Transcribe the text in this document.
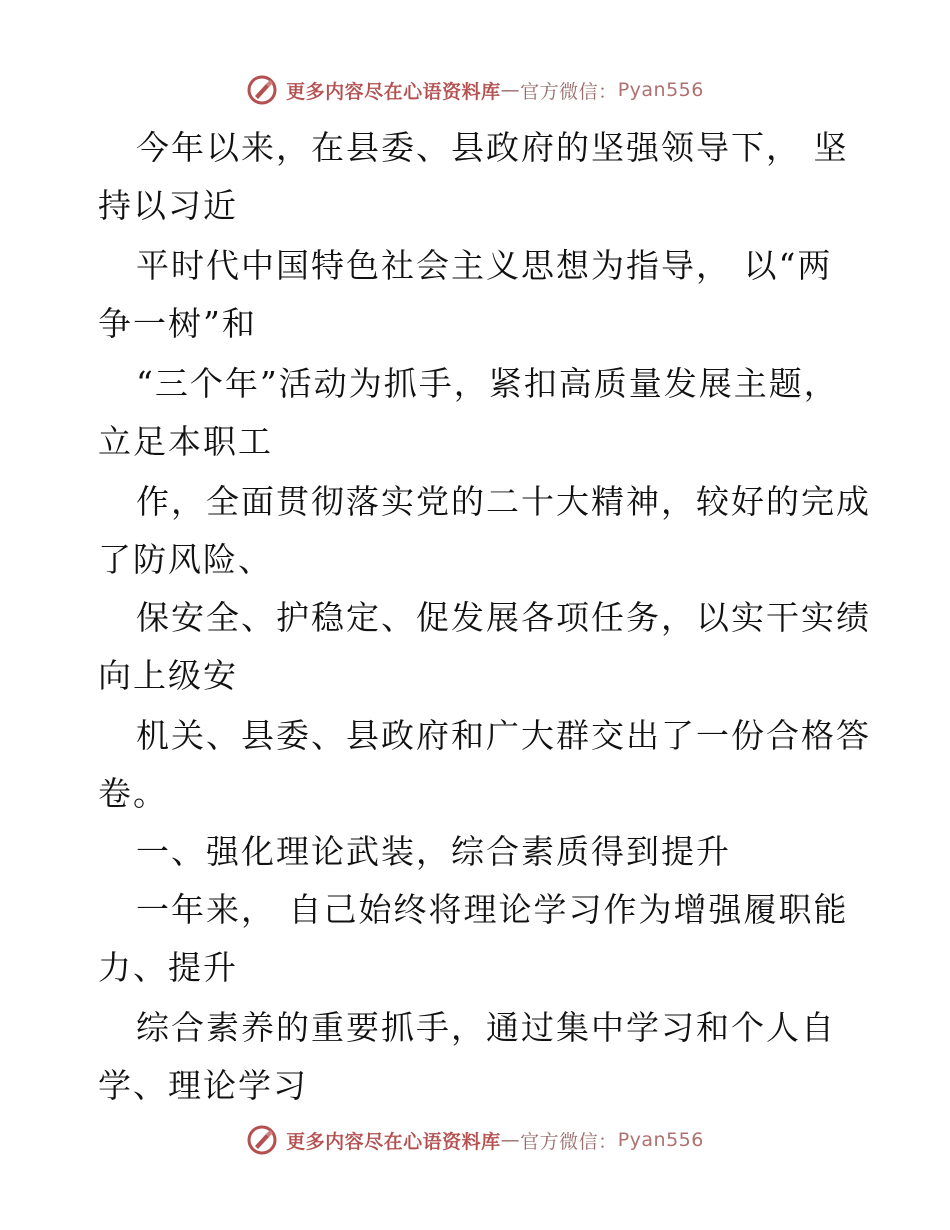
更多内容尽在心语资料库 — 官方微信： Pyan556
今年以来，在县委、县政府的坚强领导下， 坚
持以习近
平时代中国特色社会主义思想为指导， 以“两
争一树”和
“三个年”活动为抓手，紧扣高质量发展主题，
立足本职工
作，全面贯彻落实党的二十大精神，较好的完成
了防风险、
保安全、护稳定、促发展各项任务，以实干实绩
向上级安
机关、县委、县政府和广大群交出了一份合格答
卷。
一、强化理论武装，综合素质得到提升
一年来， 自己始终将理论学习作为增强履职能
力、提升
综合素养的重要抓手，通过集中学习和个人自
学、理论学习
更多内容尽在心语资料库 — 官方微信： Pyan556
